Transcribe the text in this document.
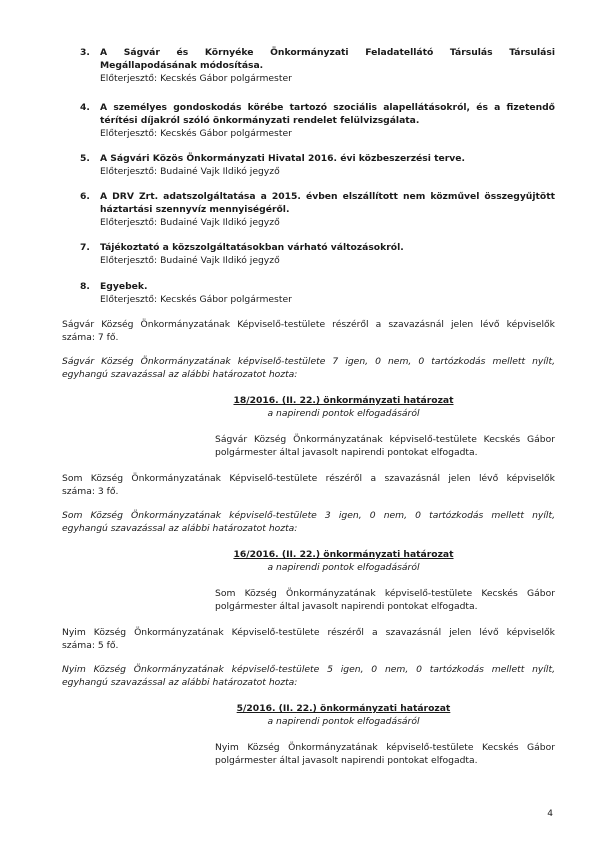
3. A Ságvár és Környéke Önkormányzati Feladatellátó Társulás Társulási
Megállapodásának módosítása.
Előterjesztő: Kecskés Gábor polgármester
4. A személyes gondoskodás körébe tartozó szociális alapellátásokról, és a fizetendő
térítési díjakról szóló önkormányzati rendelet felülvizsgálata.
Előterjesztő: Kecskés Gábor polgármester
5. A Ságvári Közös Önkormányzati Hivatal 2016. évi közbeszerzési terve.
Előterjesztő: Budainé Vajk Ildikó jegyző
6. A DRV Zrt. adatszolgáltatása a 2015. évben elszállított nem közművel összegyűjtött
háztartási szennyvíz mennyiségéről.
Előterjesztő: Budainé Vajk Ildikó jegyző
7. Tájékoztató a közszolgáltatásokban várható változásokról.
Előterjesztő: Budainé Vajk Ildikó jegyző
8. Egyebek.
Előterjesztő: Kecskés Gábor polgármester
Ságvár Község Önkormányzatának Képviselő-testülete részéről a szavazásnál jelen lévő képviselők
száma: 7 fő.
Ságvár Község Önkormányzatának képviselő-testülete 7 igen, 0 nem, 0 tartózkodás mellett nyílt,
egyhangú szavazással az alábbi határozatot hozta:
18/2016. (II. 22.) önkormányzati határozat
a napirendi pontok elfogadásáról
Ságvár Község Önkormányzatának képviselő-testülete Kecskés Gábor
polgármester által javasolt napirendi pontokat elfogadta.
Som Község Önkormányzatának Képviselő-testülete részéről a szavazásnál jelen lévő képviselők
száma: 3 fő.
Som Község Önkormányzatának képviselő-testülete 3 igen, 0 nem, 0 tartózkodás mellett nyílt,
egyhangú szavazással az alábbi határozatot hozta:
16/2016. (II. 22.) önkormányzati határozat
a napirendi pontok elfogadásáról
Som Község Önkormányzatának képviselő-testülete Kecskés Gábor
polgármester által javasolt napirendi pontokat elfogadta.
Nyim Község Önkormányzatának Képviselő-testülete részéről a szavazásnál jelen lévő képviselők
száma: 5 fő.
Nyim Község Önkormányzatának képviselő-testülete 5 igen, 0 nem, 0 tartózkodás mellett nyílt,
egyhangú szavazással az alábbi határozatot hozta:
5/2016. (II. 22.) önkormányzati határozat
a napirendi pontok elfogadásáról
Nyim Község Önkormányzatának képviselő-testülete Kecskés Gábor
polgármester által javasolt napirendi pontokat elfogadta.
4
